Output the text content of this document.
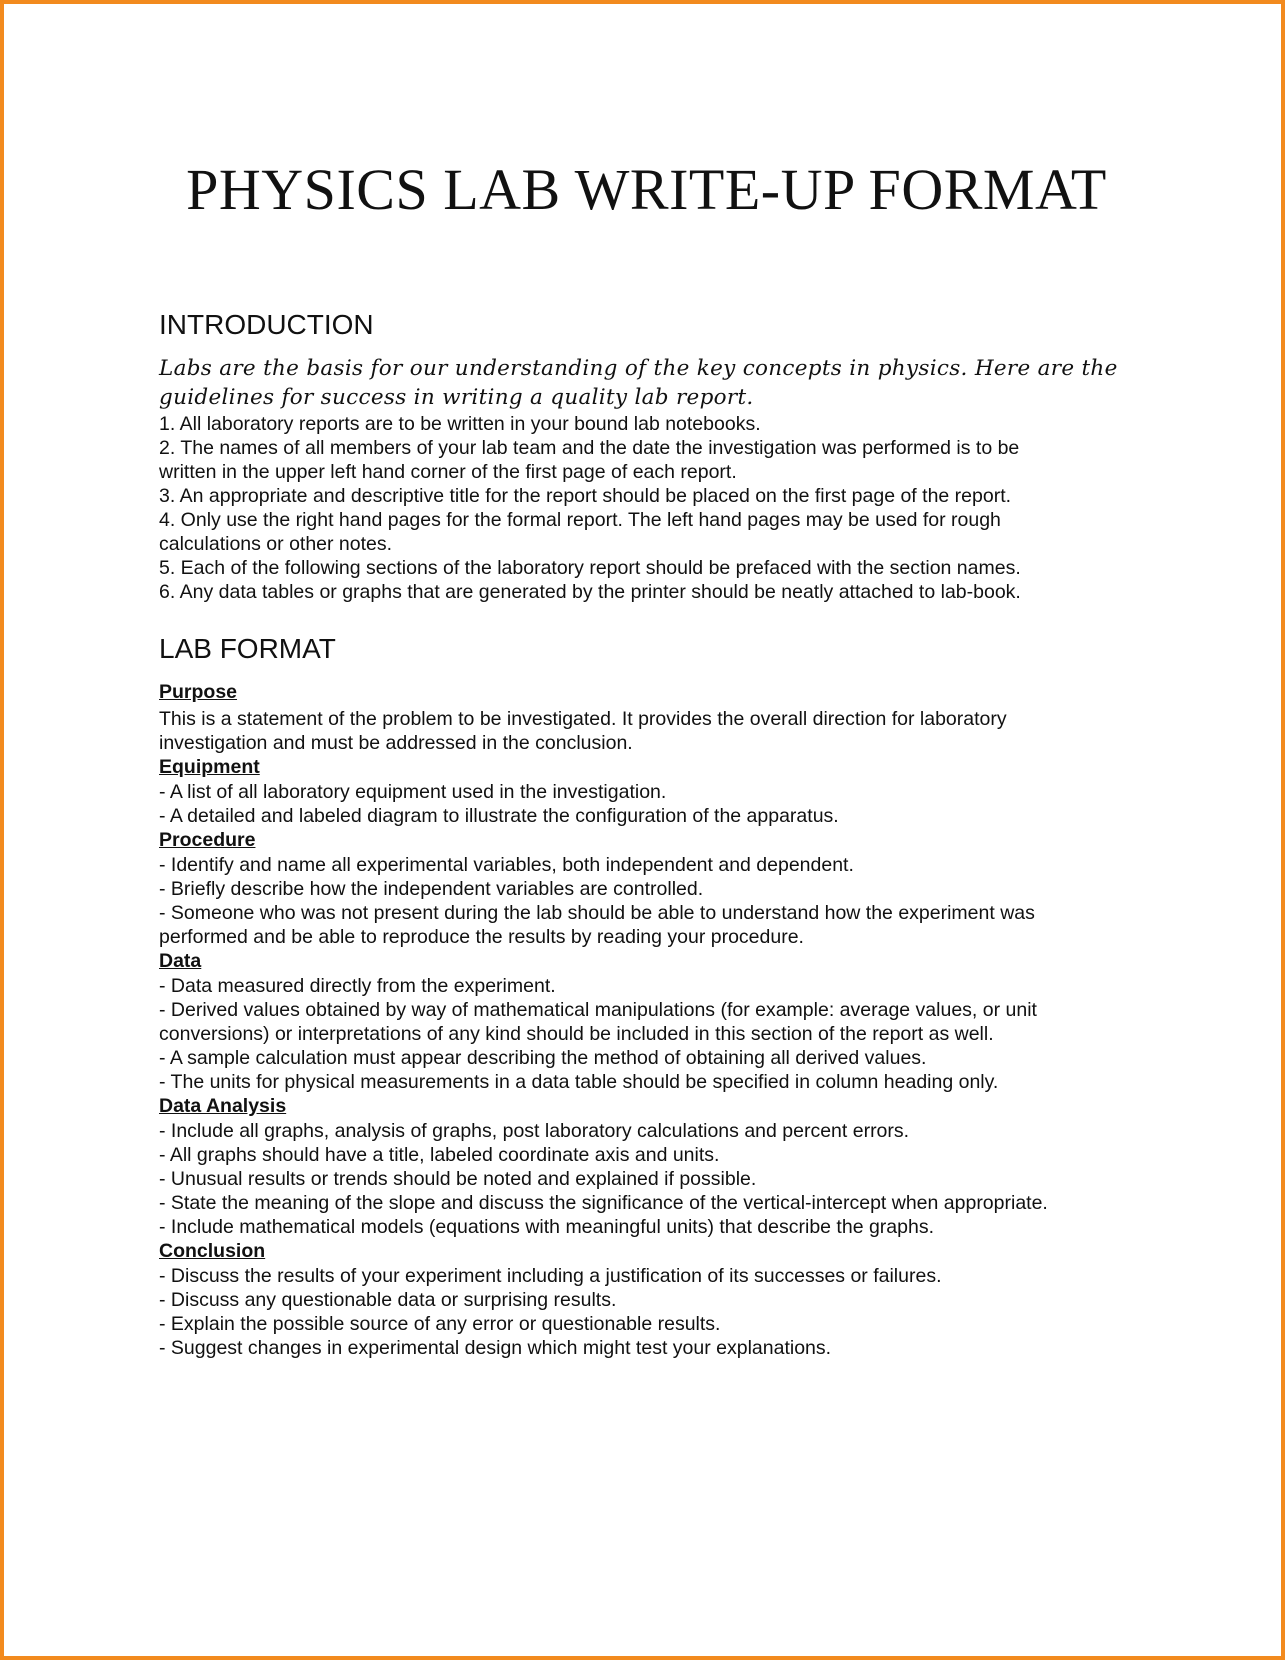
PHYSICS LAB WRITE-UP FORMAT
INTRODUCTION

Labs are the basis for our understanding of the key concepts in physics. Here are the

guidelines for success in writing a quality lab report.

1. All laboratory reports are to be written in your bound lab notebooks.

2. The names of all members of your lab team and the date the investigation was performed is to be

written in the upper left hand corner of the first page of each report.

3. An appropriate and descriptive title for the report should be placed on the first page of the report.

4. Only use the right hand pages for the formal report. The left hand pages may be used for rough

calculations or other notes.

5. Each of the following sections of the laboratory report should be prefaced with the section names.

6. Any data tables or graphs that are generated by the printer should be neatly attached to lab-book.

LAB FORMAT

Purpose

This is a statement of the problem to be investigated. It provides the overall direction for laboratory

investigation and must be addressed in the conclusion.

Equipment

- A list of all laboratory equipment used in the investigation.

- A detailed and labeled diagram to illustrate the configuration of the apparatus.

Procedure

- Identify and name all experimental variables, both independent and dependent.

- Briefly describe how the independent variables are controlled.

- Someone who was not present during the lab should be able to understand how the experiment was

performed and be able to reproduce the results by reading your procedure.

Data

- Data measured directly from the experiment.

- Derived values obtained by way of mathematical manipulations (for example: average values, or unit

conversions) or interpretations of any kind should be included in this section of the report as well.

- A sample calculation must appear describing the method of obtaining all derived values.

- The units for physical measurements in a data table should be specified in column heading only.

Data Analysis

- Include all graphs, analysis of graphs, post laboratory calculations and percent errors.

- All graphs should have a title, labeled coordinate axis and units.

- Unusual results or trends should be noted and explained if possible.

- State the meaning of the slope and discuss the significance of the vertical-intercept when appropriate.

- Include mathematical models (equations with meaningful units) that describe the graphs.

Conclusion

- Discuss the results of your experiment including a justification of its successes or failures.

- Discuss any questionable data or surprising results.

- Explain the possible source of any error or questionable results.

- Suggest changes in experimental design which might test your explanations.
